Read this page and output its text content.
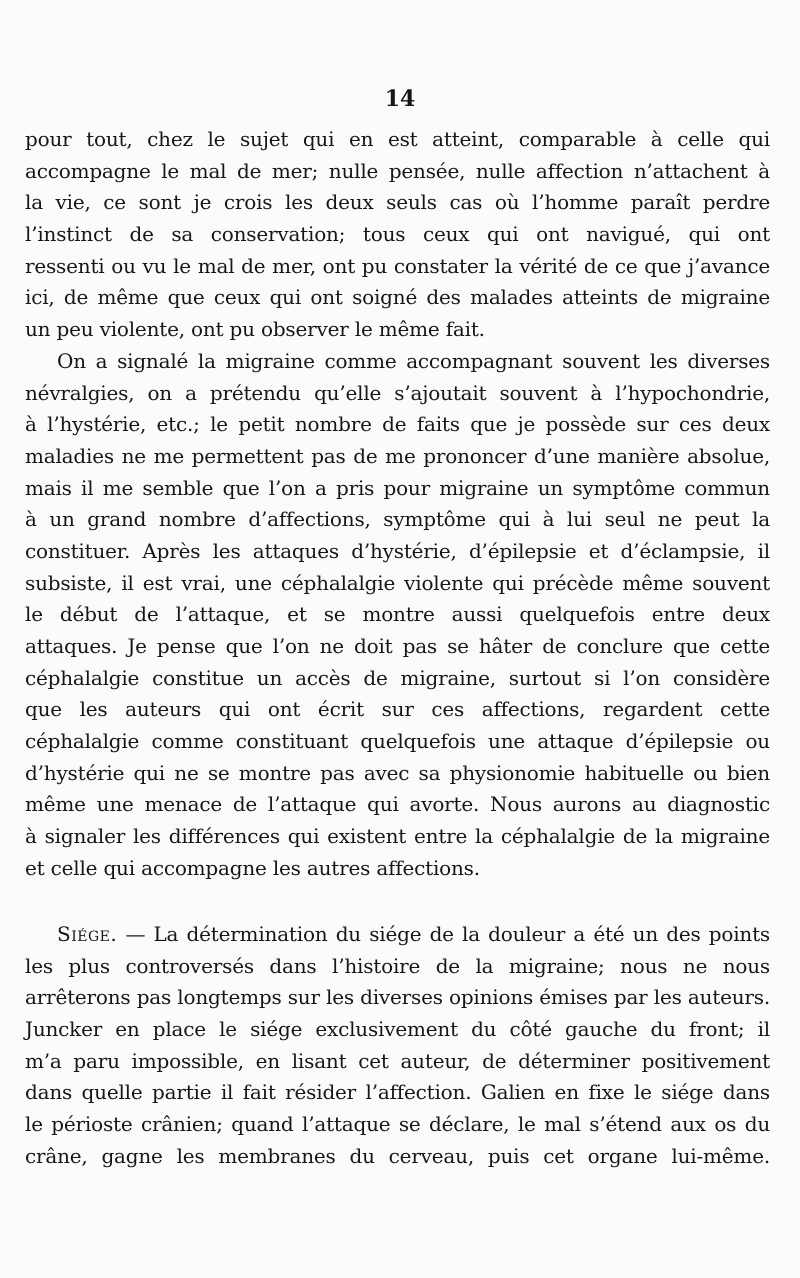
14
pour tout, chez le sujet qui en est atteint, comparable à celle qui
accompagne le mal de mer; nulle pensée, nulle affection n’attachent à
la vie, ce sont je crois les deux seuls cas où l’homme paraît perdre
l’instinct de sa conservation; tous ceux qui ont navigué, qui ont
ressenti ou vu le mal de mer, ont pu constater la vérité de ce que j’avance
ici, de même que ceux qui ont soigné des malades atteints de migraine
un peu violente, ont pu observer le même fait.
On a signalé la migraine comme accompagnant souvent les diverses
névralgies, on a prétendu qu’elle s’ajoutait souvent à l’hypochondrie,
à l’hystérie, etc.; le petit nombre de faits que je possède sur ces deux
maladies ne me permettent pas de me prononcer d’une manière absolue,
mais il me semble que l’on a pris pour migraine un symptôme commun
à un grand nombre d’affections, symptôme qui à lui seul ne peut la
constituer. Après les attaques d’hystérie, d’épilepsie et d’éclampsie, il
subsiste, il est vrai, une céphalalgie violente qui précède même souvent
le début de l’attaque, et se montre aussi quelquefois entre deux
attaques. Je pense que l’on ne doit pas se hâter de conclure que cette
céphalalgie constitue un accès de migraine, surtout si l’on considère
que les auteurs qui ont écrit sur ces affections, regardent cette
céphalalgie comme constituant quelquefois une attaque d’épilepsie ou
d’hystérie qui ne se montre pas avec sa physionomie habituelle ou bien
même une menace de l’attaque qui avorte. Nous aurons au diagnostic
à signaler les différences qui existent entre la céphalalgie de la migraine
et celle qui accompagne les autres affections.
Siége. — La détermination du siége de la douleur a été un des points
les plus controversés dans l’histoire de la migraine; nous ne nous
arrêterons pas longtemps sur les diverses opinions émises par les auteurs.
Juncker en place le siége exclusivement du côté gauche du front; il
m’a paru impossible, en lisant cet auteur, de déterminer positivement
dans quelle partie il fait résider l’affection. Galien en fixe le siége dans
le périoste crânien; quand l’attaque se déclare, le mal s’étend aux os du
crâne, gagne les membranes du cerveau, puis cet organe lui-même.
